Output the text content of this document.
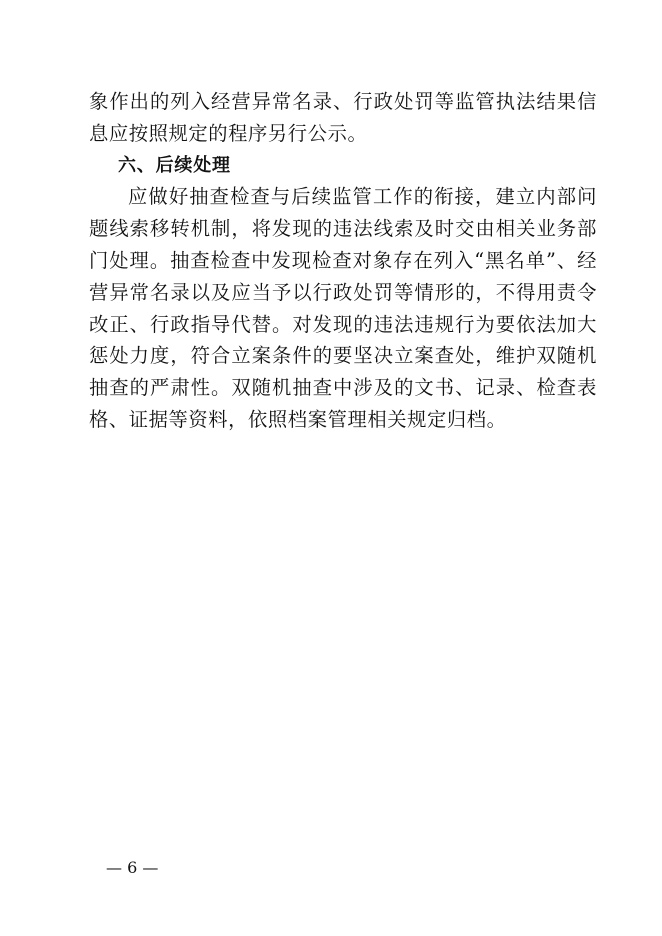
象作出的列入经营异常名录、行政处罚等监管执法结果信息应按照规定的程序另行公示。

六、后续处理

应做好抽查检查与后续监管工作的衔接，建立内部问题线索移转机制，将发现的违法线索及时交由相关业务部门处理。抽查检查中发现检查对象存在列入“黑名单”、经营异常名录以及应当予以行政处罚等情形的，不得用责令改正、行政指导代替。对发现的违法违规行为要依法加大惩处力度，符合立案条件的要坚决立案查处，维护双随机抽查的严肃性。双随机抽查中涉及的文书、记录、检查表格、证据等资料，依照档案管理相关规定归档。

— 6 —
